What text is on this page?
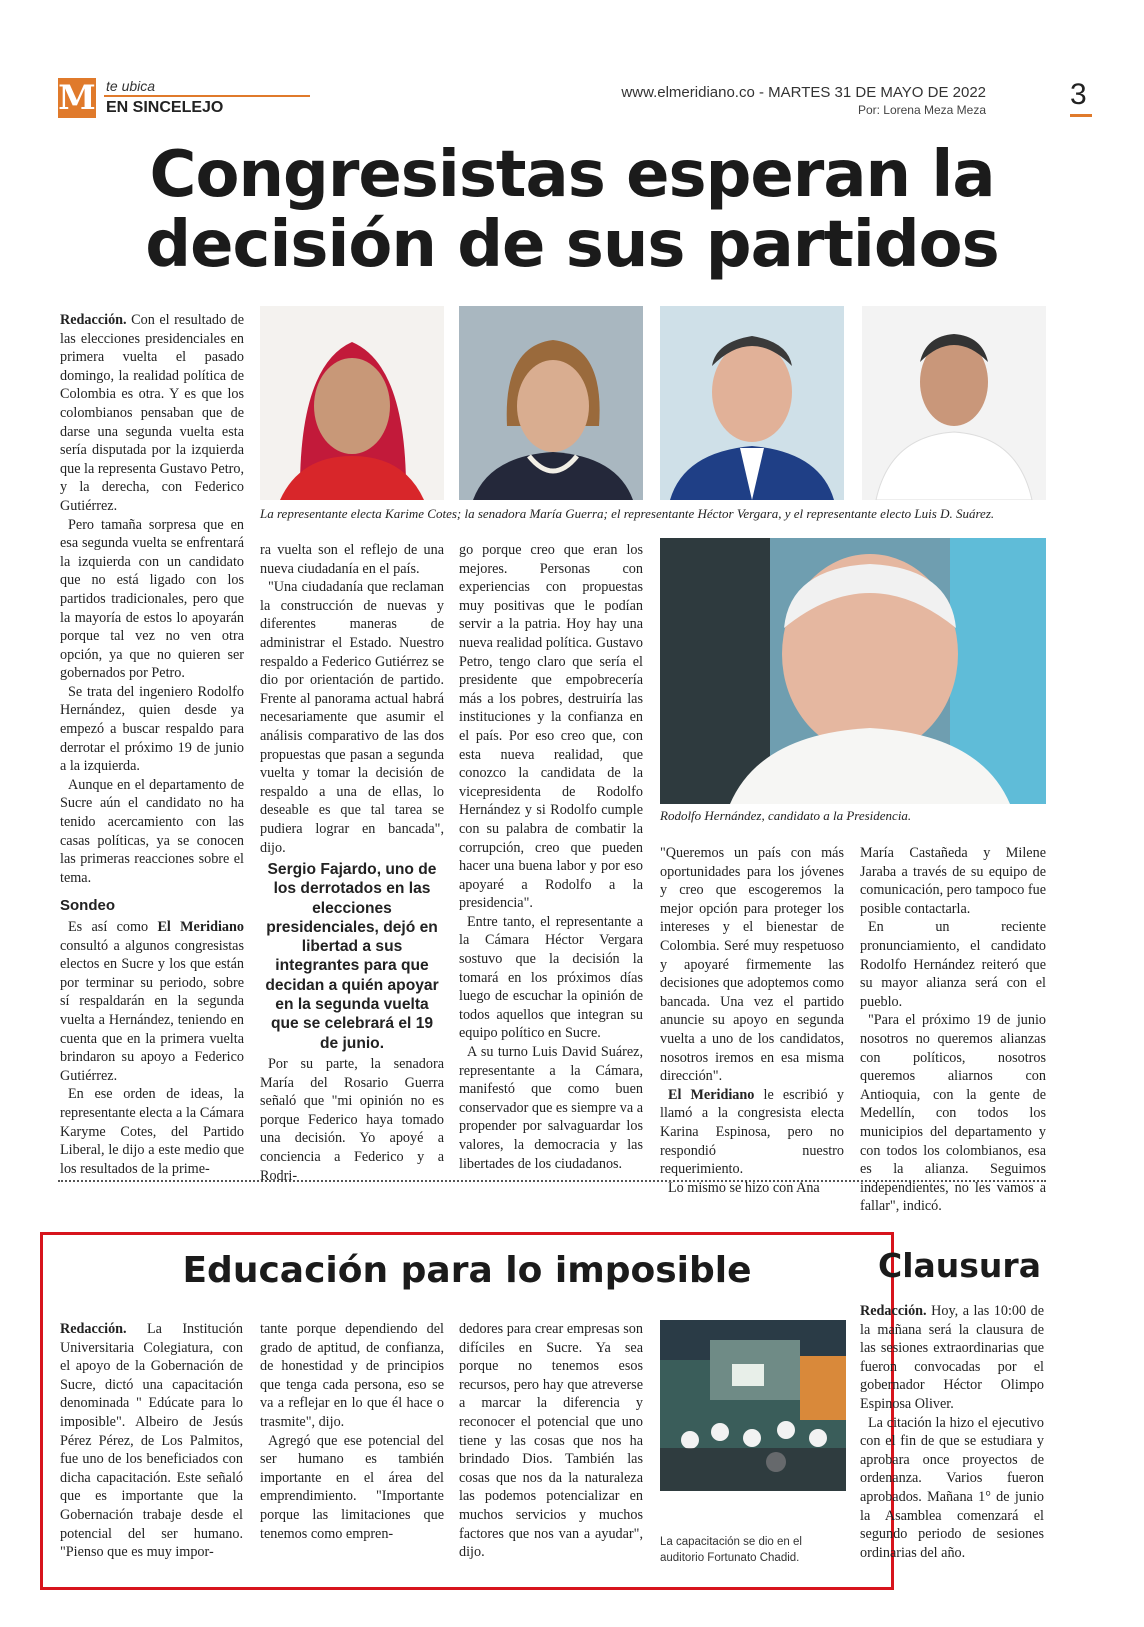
M te ubica
EN SINCELEJO
www.elmeridiano.co - MARTES 31 DE MAYO DE 2022
Por: Lorena Meza Meza	3
Congresistas esperan la decisión de sus partidos

Redacción. Con el resultado de las elecciones presidenciales en primera vuelta el pasado domingo, la realidad política de Colombia es otra. Y es que los colombianos pensaban que de darse una segunda vuelta esta sería disputada por la izquierda que la representa Gustavo Petro, y la derecha, con Federico Gutiérrez.

Pero tamaña sorpresa que en esa segunda vuelta se enfrentará la izquierda con un candidato que no está ligado con los partidos tradicionales, pero que la mayoría de estos lo apoyarán porque tal vez no ven otra opción, ya que no quieren ser gobernados por Petro.

Se trata del ingeniero Rodolfo Hernández, quien desde ya empezó a buscar respaldo para derrotar el próximo 19 de junio a la izquierda.

Aunque en el departamento de Sucre aún el candidato no ha tenido acercamiento con las casas políticas, ya se conocen las primeras reacciones sobre el tema.

Sondeo

Es así como El Meridiano consultó a algunos congresistas electos en Sucre y los que están por terminar su periodo, sobre sí respaldarán en la segunda vuelta a Hernández, teniendo en cuenta que en la primera vuelta brindaron su apoyo a Federico Gutiérrez.

En ese orden de ideas, la representante electa a la Cámara Karyme Cotes, del Partido Liberal, le dijo a este medio que los resultados de la prime-

La representante electa Karime Cotes; la senadora María Guerra; el representante Héctor Vergara, y el representante electo Luis D. Suárez.

ra vuelta son el reflejo de una nueva ciudadanía en el país.

"Una ciudadanía que reclaman la construcción de nuevas y diferentes maneras de administrar el Estado. Nuestro respaldo a Federico Gutiérrez se dio por orientación de partido. Frente al panorama actual habrá necesariamente que asumir el análisis comparativo de las dos propuestas que pasan a segunda vuelta y tomar la decisión de respaldo a una de ellas, lo deseable es que tal tarea se pudiera lograr en bancada", dijo.

Sergio Fajardo, uno de los derrotados en las elecciones presidenciales, dejó en libertad a sus integrantes para que decidan a quién apoyar en la segunda vuelta que se celebrará el 19 de junio.

Por su parte, la senadora María del Rosario Guerra señaló que "mi opinión no es porque Federico haya tomado una decisión. Yo apoyé a conciencia a Federico y a Rodri-

go porque creo que eran los mejores. Personas con experiencias con propuestas muy positivas que le podían servir a la patria. Hoy hay una nueva realidad política. Gustavo Petro, tengo claro que sería el presidente que empobrecería más a los pobres, destruiría las instituciones y la confianza en el país. Por eso creo que, con esta nueva realidad, que conozco la candidata de la vicepresidenta de Rodolfo Hernández y si Rodolfo cumple con su palabra de combatir la corrupción, creo que pueden hacer una buena labor y por eso apoyaré a Rodolfo a la presidencia".

Entre tanto, el representante a la Cámara Héctor Vergara sostuvo que la decisión la tomará en los próximos días luego de escuchar la opinión de todos aquellos que integran su equipo político en Sucre.

A su turno Luis David Suárez, representante a la Cámara, manifestó que como buen conservador que es siempre va a propender por salvaguardar los valores, la democracia y las libertades de los ciudadanos.

Rodolfo Hernández, candidato a la Presidencia.

"Queremos un país con más oportunidades para los jóvenes y creo que escogeremos la mejor opción para proteger los intereses y el bienestar de Colombia. Seré muy respetuoso y apoyaré firmemente las decisiones que adoptemos como bancada. Una vez el partido anuncie su apoyo en segunda vuelta a uno de los candidatos, nosotros iremos en esa misma dirección".

El Meridiano le escribió y llamó a la congresista electa Karina Espinosa, pero no respondió nuestro requerimiento.

Lo mismo se hizo con Ana

María Castañeda y Milene Jaraba a través de su equipo de comunicación, pero tampoco fue posible contactarla.

En un reciente pronunciamiento, el candidato Rodolfo Hernández reiteró que su mayor alianza será con el pueblo.

"Para el próximo 19 de junio nosotros no queremos alianzas con políticos, nosotros queremos aliarnos con Antioquia, con la gente de Medellín, con todos los municipios del departamento y con todos los colombianos, esa es la alianza. Seguimos independientes, no les vamos a fallar", indicó.

Educación para lo imposible

Redacción. La Institución Universitaria Colegiatura, con el apoyo de la Gobernación de Sucre, dictó una capacitación denominada " Edúcate para lo imposible". Albeiro de Jesús Pérez Pérez, de Los Palmitos, fue uno de los beneficiados con dicha capacitación. Este señaló que es importante que la Gobernación trabaje desde el potencial del ser humano. "Pienso que es muy impor-

tante porque dependiendo del grado de aptitud, de confianza, de honestidad y de principios que tenga cada persona, eso se va a reflejar en lo que él hace o trasmite", dijo.

Agregó que ese potencial del ser humano es también importante en el área del emprendimiento. "Importante porque las limitaciones que tenemos como empren-

dedores para crear empresas son difíciles en Sucre. Ya sea porque no tenemos esos recursos, pero hay que atreverse a marcar la diferencia y reconocer el potencial que uno tiene y las cosas que nos ha brindado Dios. También las cosas que nos da la naturaleza las podemos potencializar en muchos servicios y muchos factores que nos van a ayudar", dijo.

La capacitación se dio en el auditorio Fortunato Chadid.
Clausura

Redacción. Hoy, a las 10:00 de la mañana será la clausura de las sesiones extraordinarias que fueron convocadas por el gobernador Héctor Olimpo Espinosa Oliver.

La citación la hizo el ejecutivo con el fin de que se estudiara y aprobara once proyectos de ordenanza. Varios fueron aprobados. Mañana 1° de junio la Asamblea comenzará el segundo periodo de sesiones ordinarias del año.
